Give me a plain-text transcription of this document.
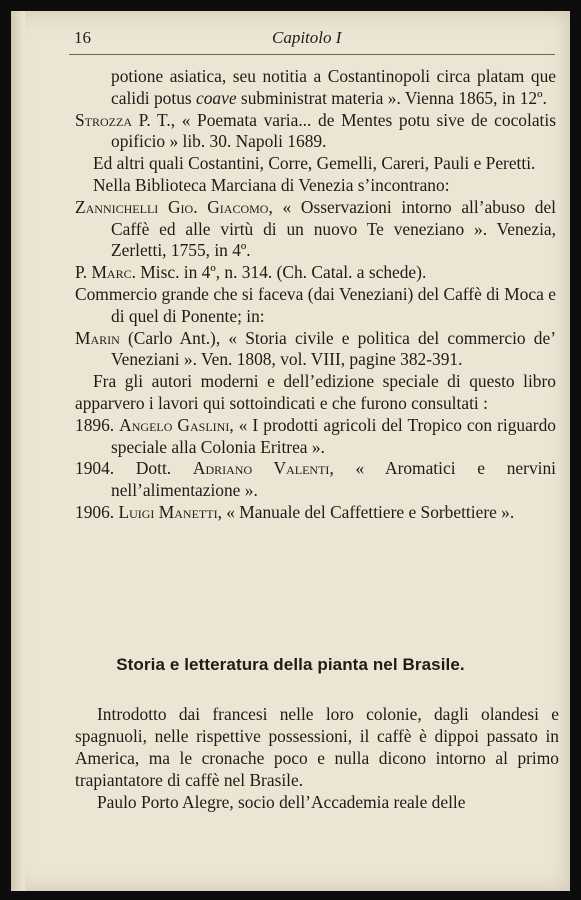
16	Capitolo I

potione asiatica, seu notitia a Costantinopoli circa platam que calidi potus coave subministrat materia ». Vienna 1865, in 12º.

Strozza P. T., « Poemata varia... de Mentes potu sive de cocolatis opificio » lib. 30. Napoli 1689.

Ed altri quali Costantini, Corre, Gemelli, Careri, Pauli e Peretti.

Nella Biblioteca Marciana di Venezia s’incontrano:

Zannichelli Gio. Giacomo, « Osservazioni intorno all’abuso del Caffè ed alle virtù di un nuovo Te veneziano ». Venezia, Zerletti, 1755, in 4º.

P. Marc. Misc. in 4º, n. 314. (Ch. Catal. a schede).

Commercio grande che si faceva (dai Veneziani) del Caffè di Moca e di quel di Ponente; in:

Marin (Carlo Ant.), « Storia civile e politica del commercio de’ Veneziani ». Ven. 1808, vol. VIII, pagine 382-391.

Fra gli autori moderni e dell’edizione speciale di questo libro apparvero i lavori qui sottoindicati e che furono consultati :

1896. Angelo Gaslini, « I prodotti agricoli del Tropico con riguardo speciale alla Colonia Eritrea ».

1904. Dott. Adriano Valenti, « Aromatici e nervini nell’alimentazione ».

1906. Luigi Manetti, « Manuale del Caffettiere e Sorbettiere ».

Storia e letteratura della pianta nel Brasile.

Introdotto dai francesi nelle loro colonie, dagli olandesi e spagnuoli, nelle rispettive possessioni, il caffè è dippoi passato in America, ma le cronache poco e nulla dicono intorno al primo trapiantatore di caffè nel Brasile.

Paulo Porto Alegre, socio dell’Accademia reale delle
